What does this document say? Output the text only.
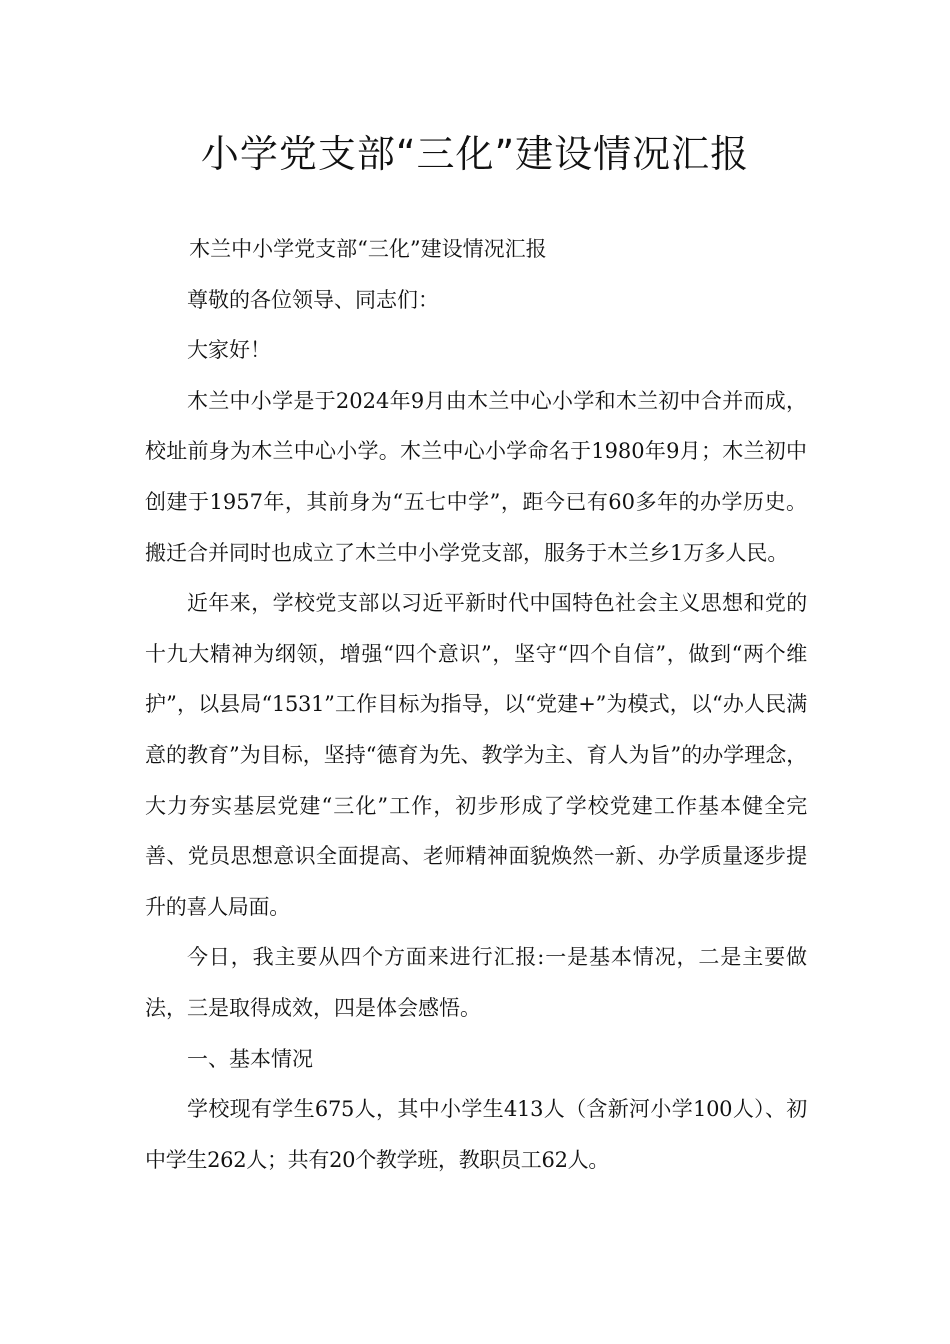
小学党支部“三化”建设情况汇报

木兰中小学党支部“三化”建设情况汇报

尊敬的各位领导、同志们：

大家好！

木兰中小学是于2024年9月由木兰中心小学和木兰初中合并而成，校址前身为木兰中心小学。木兰中心小学命名于1980年9月；木兰初中创建于1957年，其前身为“五七中学”，距今已有60多年的办学历史。搬迁合并同时也成立了木兰中小学党支部，服务于木兰乡1万多人民。

近年来，学校党支部以习近平新时代中国特色社会主义思想和党的十九大精神为纲领，增强“四个意识”，坚守“四个自信”，做到“两个维护”，以县局“1531”工作目标为指导，以“党建+”为模式，以“办人民满意的教育”为目标，坚持“德育为先、教学为主、育人为旨”的办学理念，大力夯实基层党建“三化”工作，初步形成了学校党建工作基本健全完善、党员思想意识全面提高、老师精神面貌焕然一新、办学质量逐步提升的喜人局面。

今日，我主要从四个方面来进行汇报:一是基本情况，二是主要做法，三是取得成效，四是体会感悟。

一、基本情况

学校现有学生675人，其中小学生413人（含新河小学100人）、初中学生262人；共有20个教学班，教职员工62人。
